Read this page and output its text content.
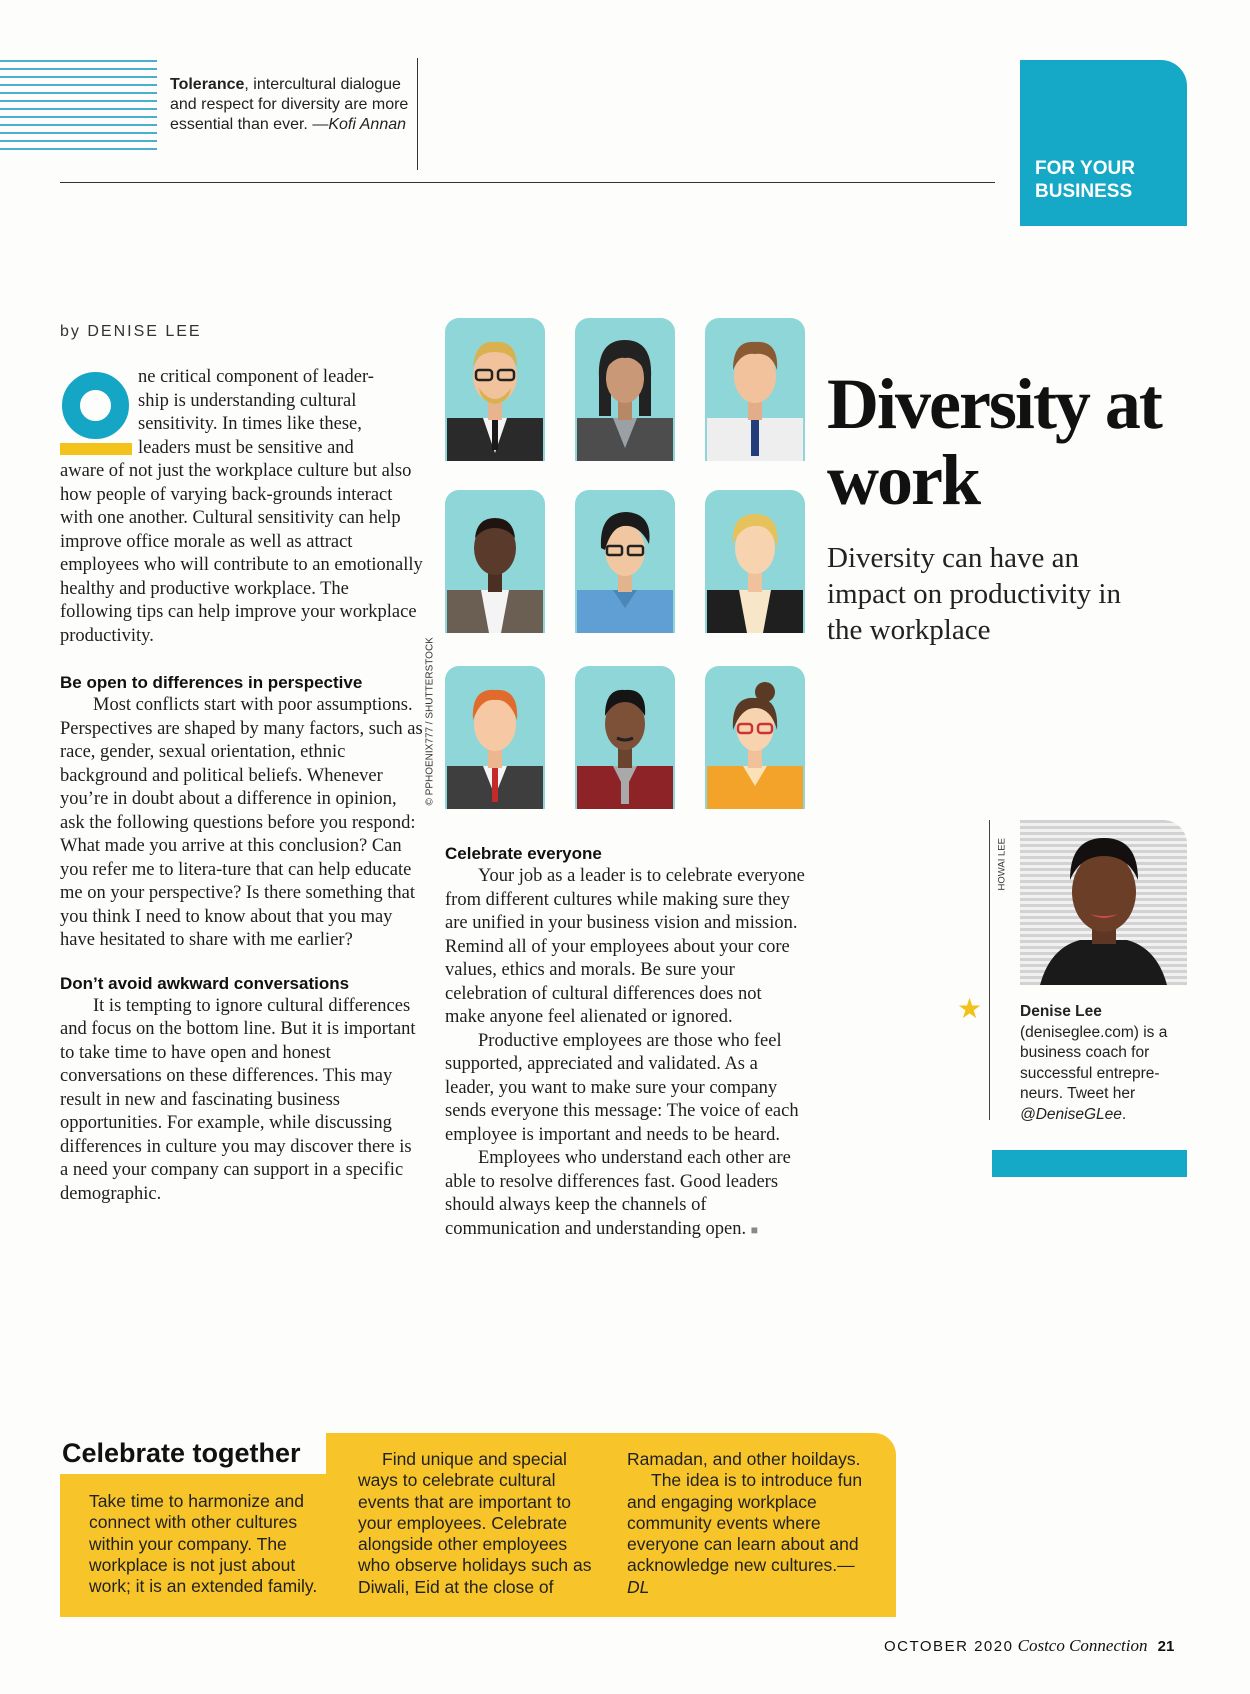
Tolerance, intercultural dialogue and respect for diversity are more essential than ever. —Kofi Annan
FOR YOUR BUSINESS
by DENISE LEE
ne critical component of leader-
ship is understanding cultural
sensitivity. In times like these,
leaders must be sensitive and

aware of not just the workplace culture but also how people of varying back-grounds interact with one another. Cultural sensitivity can help improve office morale as well as attract employees who will contribute to an emotionally healthy and productive workplace. The following tips can help improve your workplace productivity.

Be open to differences in perspective

Most conflicts start with poor assumptions. Perspectives are shaped by many factors, such as race, gender, sexual orientation, ethnic background and political beliefs. Whenever you’re in doubt about a difference in opinion, ask the following questions before you respond: What made you arrive at this conclusion? Can you refer me to litera-ture that can help educate me on your perspective? Is there something that you think I need to know about that you may have hesitated to share with me earlier?

Don’t avoid awkward conversations

It is tempting to ignore cultural differences and focus on the bottom line. But it is important to take time to have open and honest conversations on these differences. This may result in new and fascinating business opportunities. For example, while discussing differences in culture you may discover there is a need your company can support in a specific demographic.

© PPHOENIX777 / SHUTTERSTOCK
Celebrate everyone

Your job as a leader is to celebrate everyone from different cultures while making sure they are unified in your business vision and mission. Remind all of your employees about your core values, ethics and morals. Be sure your celebration of cultural differences does not make anyone feel alienated or ignored.

Productive employees are those who feel supported, appreciated and validated. As a leader, you want to make sure your company sends everyone this message: The voice of each employee is important and needs to be heard.

Employees who understand each other are able to resolve differences fast. Good leaders should always keep the channels of communication and understanding open. ■

Diversity at work
Diversity can have an impact on productivity in the workplace
HOWAI LEE
★ Denise Lee
(deniseglee.com) is a business coach for successful entrepre-neurs. Tweet her @DeniseGLee.
Celebrate together
Take time to harmonize and connect with other cultures within your company. The workplace is not just about work; it is an extended family.
Find unique and special ways to celebrate cultural events that are important to your employees. Celebrate alongside other employees who observe holidays such as Diwali, Eid at the close of
Ramadan, and other hoildays.
The idea is to introduce fun and engaging workplace community events where everyone can learn about and acknowledge new cultures.—DL
OCTOBER 2020 Costco Connection 21
